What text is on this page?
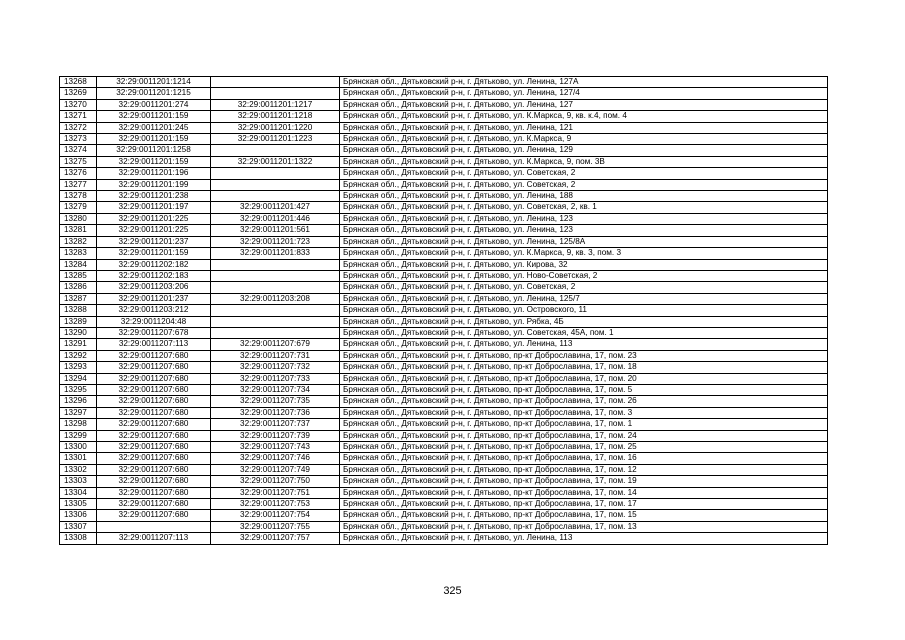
13268	32:29:0011201:1214		Брянская обл., Дятьковский р-н, г. Дятьково, ул. Ленина, 127А
13269	32:29:0011201:1215		Брянская обл., Дятьковский р-н, г. Дятьково, ул. Ленина, 127/4
13270	32:29:0011201:274	32:29:0011201:1217	Брянская обл., Дятьковский р-н, г. Дятьково, ул. Ленина, 127
13271	32:29:0011201:159	32:29:0011201:1218	Брянская обл., Дятьковский р-н, г. Дятьково, ул. К.Маркса, 9, кв. к.4, пом. 4
13272	32:29:0011201:245	32:29:0011201:1220	Брянская обл., Дятьковский р-н, г. Дятьково, ул. Ленина, 121
13273	32:29:0011201:159	32:29:0011201:1223	Брянская обл., Дятьковский р-н, г. Дятьково, ул. К.Маркса, 9
13274	32:29:0011201:1258		Брянская обл., Дятьковский р-н, г. Дятьково, ул. Ленина, 129
13275	32:29:0011201:159	32:29:0011201:1322	Брянская обл., Дятьковский р-н, г. Дятьково, ул. К.Маркса, 9, пом. 3В
13276	32:29:0011201:196		Брянская обл., Дятьковский р-н, г. Дятьково, ул. Советская, 2
13277	32:29:0011201:199		Брянская обл., Дятьковский р-н, г. Дятьково, ул. Советская, 2
13278	32:29:0011201:238		Брянская обл., Дятьковский р-н, г. Дятьково, ул. Ленина, 188
13279	32:29:0011201:197	32:29:0011201:427	Брянская обл., Дятьковский р-н, г. Дятьково, ул. Советская, 2, кв. 1
13280	32:29:0011201:225	32:29:0011201:446	Брянская обл., Дятьковский р-н, г. Дятьково, ул. Ленина, 123
13281	32:29:0011201:225	32:29:0011201:561	Брянская обл., Дятьковский р-н, г. Дятьково, ул. Ленина, 123
13282	32:29:0011201:237	32:29:0011201:723	Брянская обл., Дятьковский р-н, г. Дятьково, ул. Ленина, 125/8А
13283	32:29:0011201:159	32:29:0011201:833	Брянская обл., Дятьковский р-н, г. Дятьково, ул. К.Маркса, 9, кв. 3, пом. 3
13284	32:29:0011202:182		Брянская обл., Дятьковский р-н, г. Дятьково, ул. Кирова, 32
13285	32:29:0011202:183		Брянская обл., Дятьковский р-н, г. Дятьково, ул. Ново-Советская, 2
13286	32:29:0011203:206		Брянская обл., Дятьковский р-н, г. Дятьково, ул. Советская, 2
13287	32:29:0011201:237	32:29:0011203:208	Брянская обл., Дятьковский р-н, г. Дятьково, ул. Ленина, 125/7
13288	32:29:0011203:212		Брянская обл., Дятьковский р-н, г. Дятьково, ул. Островского, 11
13289	32:29:0011204:48		Брянская обл., Дятьковский р-н, г. Дятьково, ул. Рябка, 4Б
13290	32:29:0011207:678		Брянская обл., Дятьковский р-н, г. Дятьково, ул. Советская, 45А, пом. 1
13291	32:29:0011207:113	32:29:0011207:679	Брянская обл., Дятьковский р-н, г. Дятьково, ул. Ленина, 113
13292	32:29:0011207:680	32:29:0011207:731	Брянская обл., Дятьковский р-н, г. Дятьково, пр-кт Доброславина, 17, пом. 23
13293	32:29:0011207:680	32:29:0011207:732	Брянская обл., Дятьковский р-н, г. Дятьково, пр-кт Доброславина, 17, пом. 18
13294	32:29:0011207:680	32:29:0011207:733	Брянская обл., Дятьковский р-н, г. Дятьково, пр-кт Доброславина, 17, пом. 20
13295	32:29:0011207:680	32:29:0011207:734	Брянская обл., Дятьковский р-н, г. Дятьково, пр-кт Доброславина, 17, пом. 5
13296	32:29:0011207:680	32:29:0011207:735	Брянская обл., Дятьковский р-н, г. Дятьково, пр-кт Доброславина, 17, пом. 26
13297	32:29:0011207:680	32:29:0011207:736	Брянская обл., Дятьковский р-н, г. Дятьково, пр-кт Доброславина, 17, пом. 3
13298	32:29:0011207:680	32:29:0011207:737	Брянская обл., Дятьковский р-н, г. Дятьково, пр-кт Доброславина, 17, пом. 1
13299	32:29:0011207:680	32:29:0011207:739	Брянская обл., Дятьковский р-н, г. Дятьково, пр-кт Доброславина, 17, пом. 24
13300	32:29:0011207:680	32:29:0011207:743	Брянская обл., Дятьковский р-н, г. Дятьково, пр-кт Доброславина, 17, пом. 25
13301	32:29:0011207:680	32:29:0011207:746	Брянская обл., Дятьковский р-н, г. Дятьково, пр-кт Доброславина, 17, пом. 16
13302	32:29:0011207:680	32:29:0011207:749	Брянская обл., Дятьковский р-н, г. Дятьково, пр-кт Доброславина, 17, пом. 12
13303	32:29:0011207:680	32:29:0011207:750	Брянская обл., Дятьковский р-н, г. Дятьково, пр-кт Доброславина, 17, пом. 19
13304	32:29:0011207:680	32:29:0011207:751	Брянская обл., Дятьковский р-н, г. Дятьково, пр-кт Доброславина, 17, пом. 14
13305	32:29:0011207:680	32:29:0011207:753	Брянская обл., Дятьковский р-н, г. Дятьково, пр-кт Доброславина, 17, пом. 17
13306	32:29:0011207:680	32:29:0011207:754	Брянская обл., Дятьковский р-н, г. Дятьково, пр-кт Доброславина, 17, пом. 15
13307		32:29:0011207:755	Брянская обл., Дятьковский р-н, г. Дятьково, пр-кт Доброславина, 17, пом. 13
13308	32:29:0011207:113	32:29:0011207:757	Брянская обл., Дятьковский р-н, г. Дятьково, ул. Ленина, 113
325
